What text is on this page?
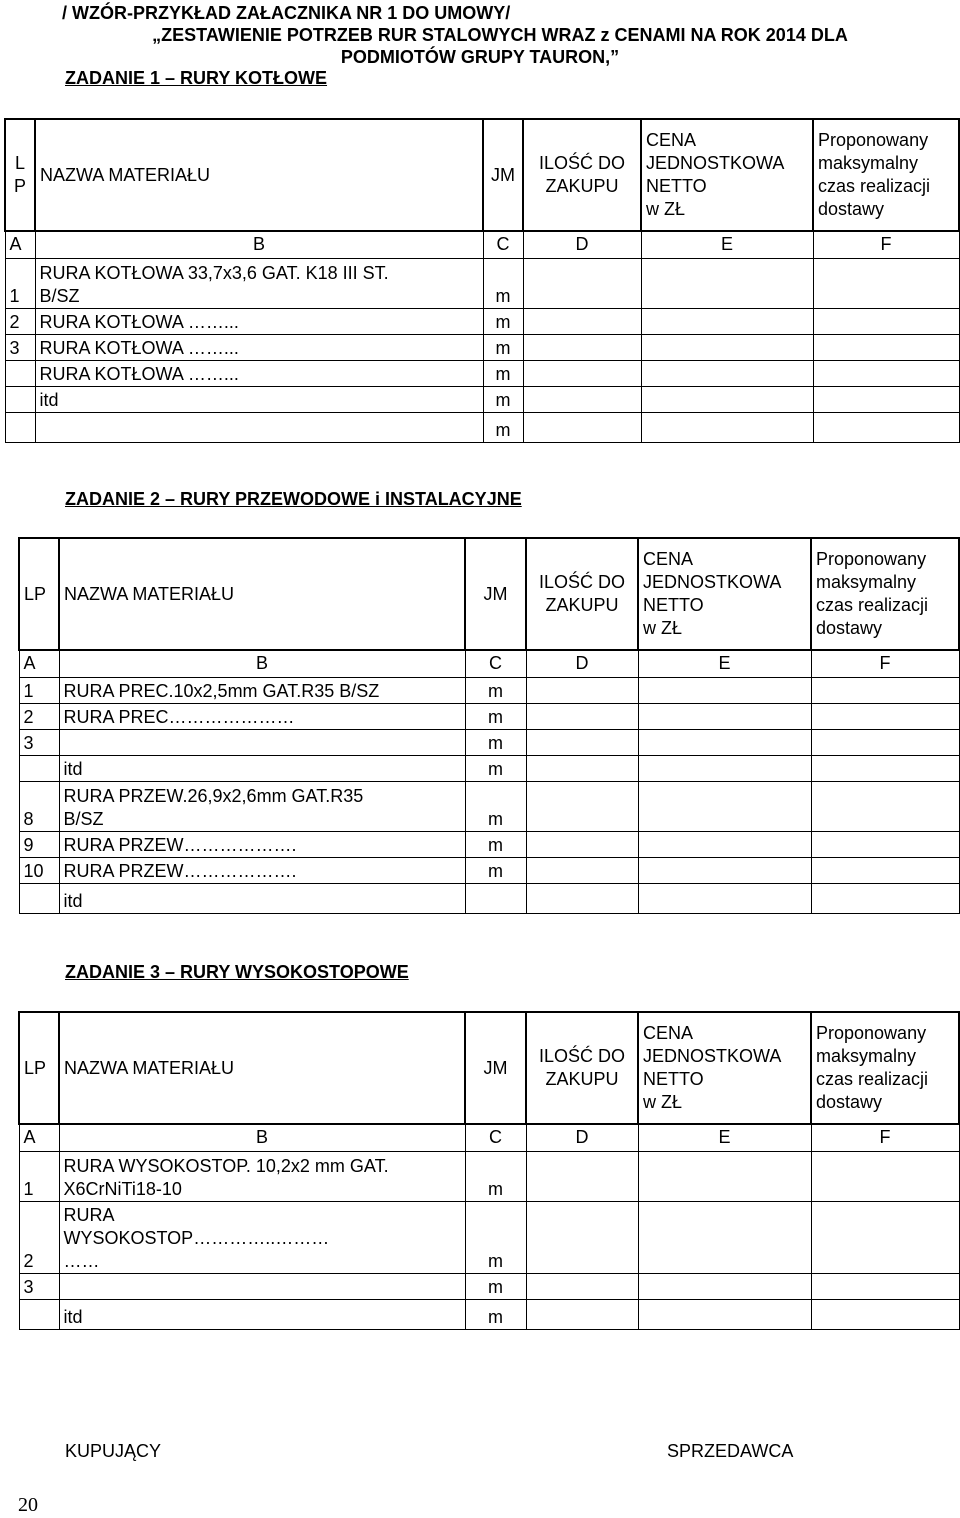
/ WZÓR-PRZYKŁAD ZAŁACZNIKA NR 1 DO UMOWY/
„ZESTAWIENIE POTRZEB RUR STALOWYCH WRAZ z CENAMI NA ROK 2014 DLA
PODMIOTÓW GRUPY TAURON,”
ZADANIE 1 – RURY KOTŁOWE
L
P	NAZWA MATERIAŁU	JM	ILOŚĆ DO
ZAKUPU	CENA
JEDNOSTKOWA
NETTO
w ZŁ	Proponowany
maksymalny
czas realizacji
dostawy
A	B	C	D	E	F
1	RURA KOTŁOWA 33,7x3,6 GAT. K18 III ST.
B/SZ	m			
2	RURA KOTŁOWA ……...	m			
3	RURA KOTŁOWA ……...	m			
	RURA KOTŁOWA ……...	m			
	itd	m			
		m			
ZADANIE 2 – RURY PRZEWODOWE i INSTALACYJNE
LP	NAZWA MATERIAŁU	JM	ILOŚĆ DO
ZAKUPU	CENA
JEDNOSTKOWA
NETTO
w ZŁ	Proponowany
maksymalny
czas realizacji
dostawy
A	B	C	D	E	F
1	RURA PREC.10x2,5mm GAT.R35 B/SZ	m			
2	RURA PREC…………………	m			
3		m			
	itd	m			
8	RURA PRZEW.26,9x2,6mm GAT.R35
B/SZ	m			
9	RURA PRZEW……………….	m			
10	RURA PRZEW……………….	m			
	itd				
ZADANIE 3 – RURY WYSOKOSTOPOWE
LP	NAZWA MATERIAŁU	JM	ILOŚĆ DO
ZAKUPU	CENA
JEDNOSTKOWA
NETTO
w ZŁ	Proponowany
maksymalny
czas realizacji
dostawy
A	B	C	D	E	F
1	RURA WYSOKOSTOP. 10,2x2 mm GAT.
X6CrNiTi18-10	m			
2	RURA
WYSOKOSTOP…………..………
……	m			
3		m			
	itd	m			
KUPUJĄCY	SPRZEDAWCA
20
